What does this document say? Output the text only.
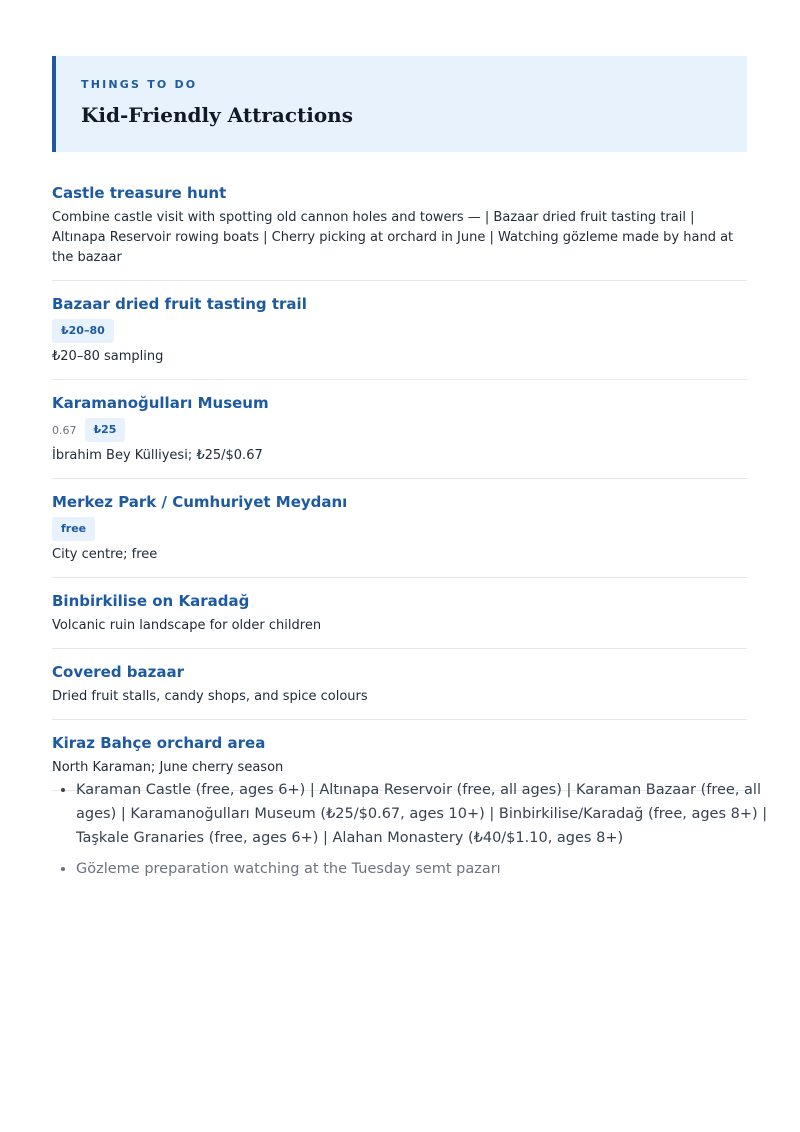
THINGS TO DO
Kid-Friendly Attractions
Castle treasure hunt
Combine castle visit with spotting old cannon holes and towers — | Bazaar dried fruit tasting trail | Altınapa Reservoir rowing boats | Cherry picking at orchard in June | Watching gözleme made by hand at the bazaar
Bazaar dried fruit tasting trail
₺20–80
₺20–80 sampling
Karamanoğulları Museum
0.67	₺25
İbrahim Bey Külliyesi; ₺25/$0.67
Merkez Park / Cumhuriyet Meydanı
free
City centre; free
Binbirkilise on Karadağ
Volcanic ruin landscape for older children
Covered bazaar
Dried fruit stalls, candy shops, and spice colours
Kiraz Bahçe orchard area
North Karaman; June cherry season
• Karaman Castle (free, ages 6+) | Altınapa Reservoir (free, all ages) | Karaman Bazaar (free, all ages) | Karamanoğulları Museum (₺25/$0.67, ages 10+) | Binbirkilise/Karadağ (free, ages 8+) | Taşkale Granaries (free, ages 6+) | Alahan Monastery (₺40/$1.10, ages 8+)
• Gözleme preparation watching at the Tuesday semt pazarı
